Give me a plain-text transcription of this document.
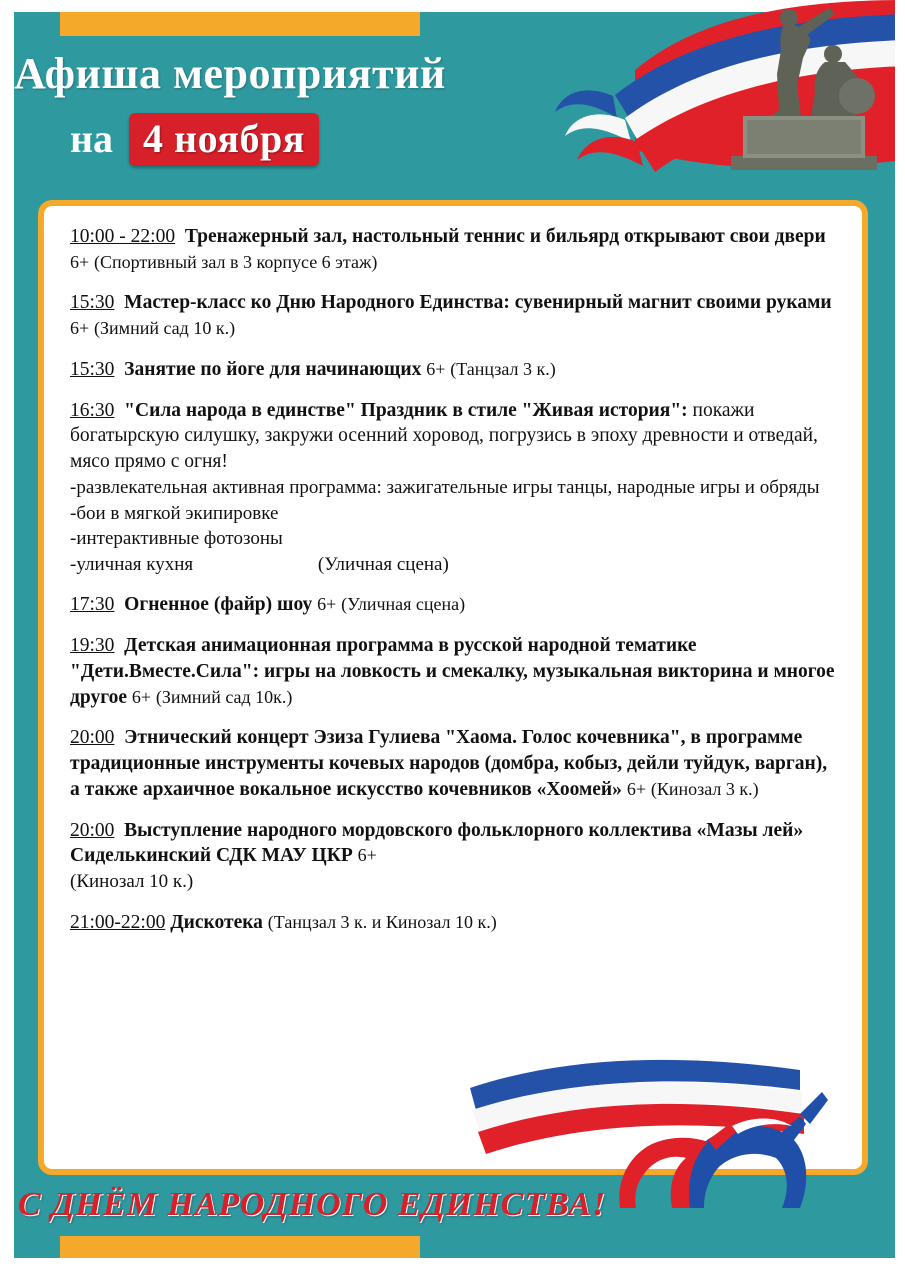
Афиша мероприятий
на 4 ноября
10:00 - 22:00 Тренажерный зал, настольный теннис и бильярд открывают свои двери 6+ (Спортивный зал в 3 корпусе 6 этаж)
15:30 Мастер-класс ко Дню Народного Единства: сувенирный магнит своими руками 6+ (Зимний сад 10 к.)
15:30 Занятие по йоге для начинающих 6+ (Танцзал 3 к.)
16:30 "Сила народа в единстве" Праздник в стиле "Живая история": покажи богатырскую силушку, закружи осенний хоровод, погрузись в эпоху древности и отведай, мясо прямо с огня!
-развлекательная активная программа: зажигательные игры танцы, народные игры и обряды
-бои в мягкой экипировке
-интерактивные фотозоны
-уличная кухня	(Уличная сцена)
17:30 Огненное (файр) шоу 6+ (Уличная сцена)
19:30 Детская анимационная программа в русской народной тематике "Дети.Вместе.Сила": игры на ловкость и смекалку, музыкальная викторина и многое другое 6+ (Зимний сад 10к.)
20:00 Этнический концерт Эзиза Гулиева "Хаома. Голос кочевника", в программе традиционные инструменты кочевых народов (домбра, кобыз, дейли туйдук, варган), а также архаичное вокальное искусство кочевников «Хоомей» 6+ (Кинозал 3 к.)
20:00 Выступление народного мордовского фольклорного коллектива «Мазы лей» Сиделькинский СДК МАУ ЦКР 6+
(Кинозал 10 к.)
21:00-22:00 Дискотека (Танцзал 3 к. и Кинозал 10 к.)
С ДНЁМ НАРОДНОГО ЕДИНСТВА!
